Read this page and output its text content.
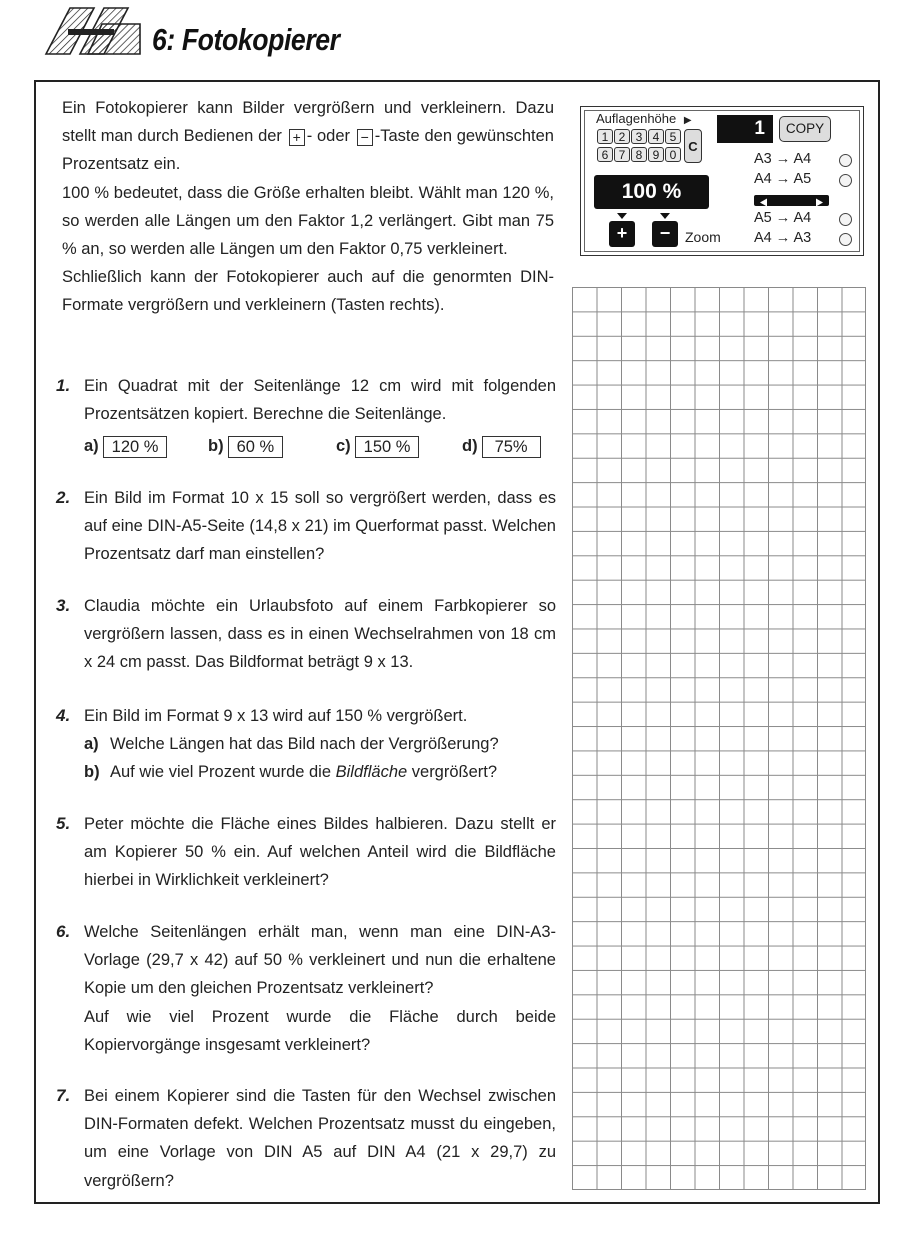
6: Fotokopierer

Ein Fotokopierer kann Bilder vergrößern und verkleinern. Dazu stellt man durch Bedienen der + - oder − -Taste den gewünschten Prozentsatz ein.

100 % bedeutet, dass die Größe erhalten bleibt. Wählt man 120 %, so werden alle Längen um den Faktor 1,2 verlängert. Gibt man 75 % an, so werden alle Längen um den Faktor 0,75 verkleinert.

Schließlich kann der Fotokopierer auch auf die genormten DIN-Formate vergrößern und verkleinern (Tasten rechts).

Auflagenhöhe ▶
1 2 3 4 5
6 7 8 9 0
C
1	COPY
100 %
+	−	Zoom
A3 → A4
A4 → A5
A5 → A4
A4 → A3
1. Ein Quadrat mit der Seitenlänge 12 cm wird mit folgenden Prozentsätzen kopiert. Berechne die Seitenlänge.
a) 120 %	b) 60 %	c) 150 %	d)	75%
2. Ein Bild im Format 10 x 15 soll so vergrößert werden, dass es auf eine DIN-A5-Seite (14,8 x 21) im Querformat passt. Welchen Prozentsatz darf man einstellen?
3. Claudia möchte ein Urlaubsfoto auf einem Farbkopierer so vergrößern lassen, dass es in einen Wechselrahmen von 18 cm x 24 cm passt. Das Bildformat beträgt 9 x 13.
4. Ein Bild im Format 9 x 13 wird auf 150 % vergrößert.
a) Welche Längen hat das Bild nach der Vergrößerung?
b) Auf wie viel Prozent wurde die Bildfläche vergrößert?
5. Peter möchte die Fläche eines Bildes halbieren. Dazu stellt er am Kopierer 50 % ein. Auf welchen Anteil wird die Bildfläche hierbei in Wirklichkeit verkleinert?
6. Welche Seitenlängen erhält man, wenn man eine DIN-A3-Vorlage (29,7 x 42) auf 50 % verkleinert und nun die erhaltene Kopie um den gleichen Prozentsatz verkleinert?
Auf wie viel Prozent wurde die Fläche durch beide Kopiervorgänge insgesamt verkleinert?
7. Bei einem Kopierer sind die Tasten für den Wechsel zwischen DIN-Formaten defekt. Welchen Prozentsatz musst du eingeben, um eine Vorlage von DIN A5 auf DIN A4 (21 x 29,7) zu vergrößern?
